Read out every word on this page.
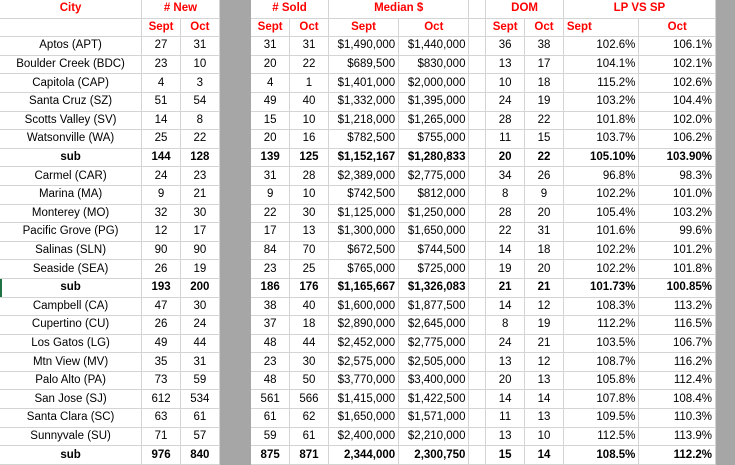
City	# New			# Sold		Median $			DOM		LP VS SP		
	Sept	Oct		Sept	Oct	Sept	Oct		Sept	Oct	Sept	Oct	
Aptos (APT)	27	31		31	31	$1,490,000	$1,440,000		36	38	102.6%	106.1%	
Boulder Creek (BDC)	23	10		20	22	$689,500	$830,000		13	17	104.1%	102.1%	
Capitola (CAP)	4	3		4	1	$1,401,000	$2,000,000		10	18	115.2%	102.6%	
Santa Cruz (SZ)	51	54		49	40	$1,332,000	$1,395,000		24	19	103.2%	104.4%	
Scotts Valley (SV)	14	8		15	10	$1,218,000	$1,265,000		28	22	101.8%	102.0%	
Watsonville (WA)	25	22		20	16	$782,500	$755,000		11	15	103.7%	106.2%	
sub	144	128		139	125	$1,152,167	$1,280,833		20	22	105.10%	103.90%	
Carmel (CAR)	24	23		31	28	$2,389,000	$2,775,000		34	26	96.8%	98.3%	
Marina (MA)	9	21		9	10	$742,500	$812,000		8	9	102.2%	101.0%	
Monterey (MO)	32	30		22	30	$1,125,000	$1,250,000		28	20	105.4%	103.2%	
Pacific Grove (PG)	12	17		17	13	$1,300,000	$1,650,000		22	31	101.6%	99.6%	
Salinas (SLN)	90	90		84	70	$672,500	$744,500		14	18	102.2%	101.2%	
Seaside (SEA)	26	19		23	25	$765,000	$725,000		19	20	102.2%	101.8%	
sub	193	200		186	176	$1,165,667	$1,326,083		21	21	101.73%	100.85%	
Campbell (CA)	47	30		38	40	$1,600,000	$1,877,500		14	12	108.3%	113.2%	
Cupertino (CU)	26	24		37	18	$2,890,000	$2,645,000		8	19	112.2%	116.5%	
Los Gatos (LG)	49	44		48	44	$2,452,000	$2,775,000		24	21	103.5%	106.7%	
Mtn View (MV)	35	31		23	30	$2,575,000	$2,505,000		13	12	108.7%	116.2%	
Palo Alto (PA)	73	59		48	50	$3,770,000	$3,400,000		20	13	105.8%	112.4%	
San Jose (SJ)	612	534		561	566	$1,415,000	$1,422,500		14	14	107.8%	108.4%	
Santa Clara (SC)	63	61		61	62	$1,650,000	$1,571,000		11	13	109.5%	110.3%	
Sunnyvale (SU)	71	57		59	61	$2,400,000	$2,210,000		13	10	112.5%	113.9%	
sub	976	840		875	871	2,344,000	2,300,750		15	14	108.5%	112.2%	
